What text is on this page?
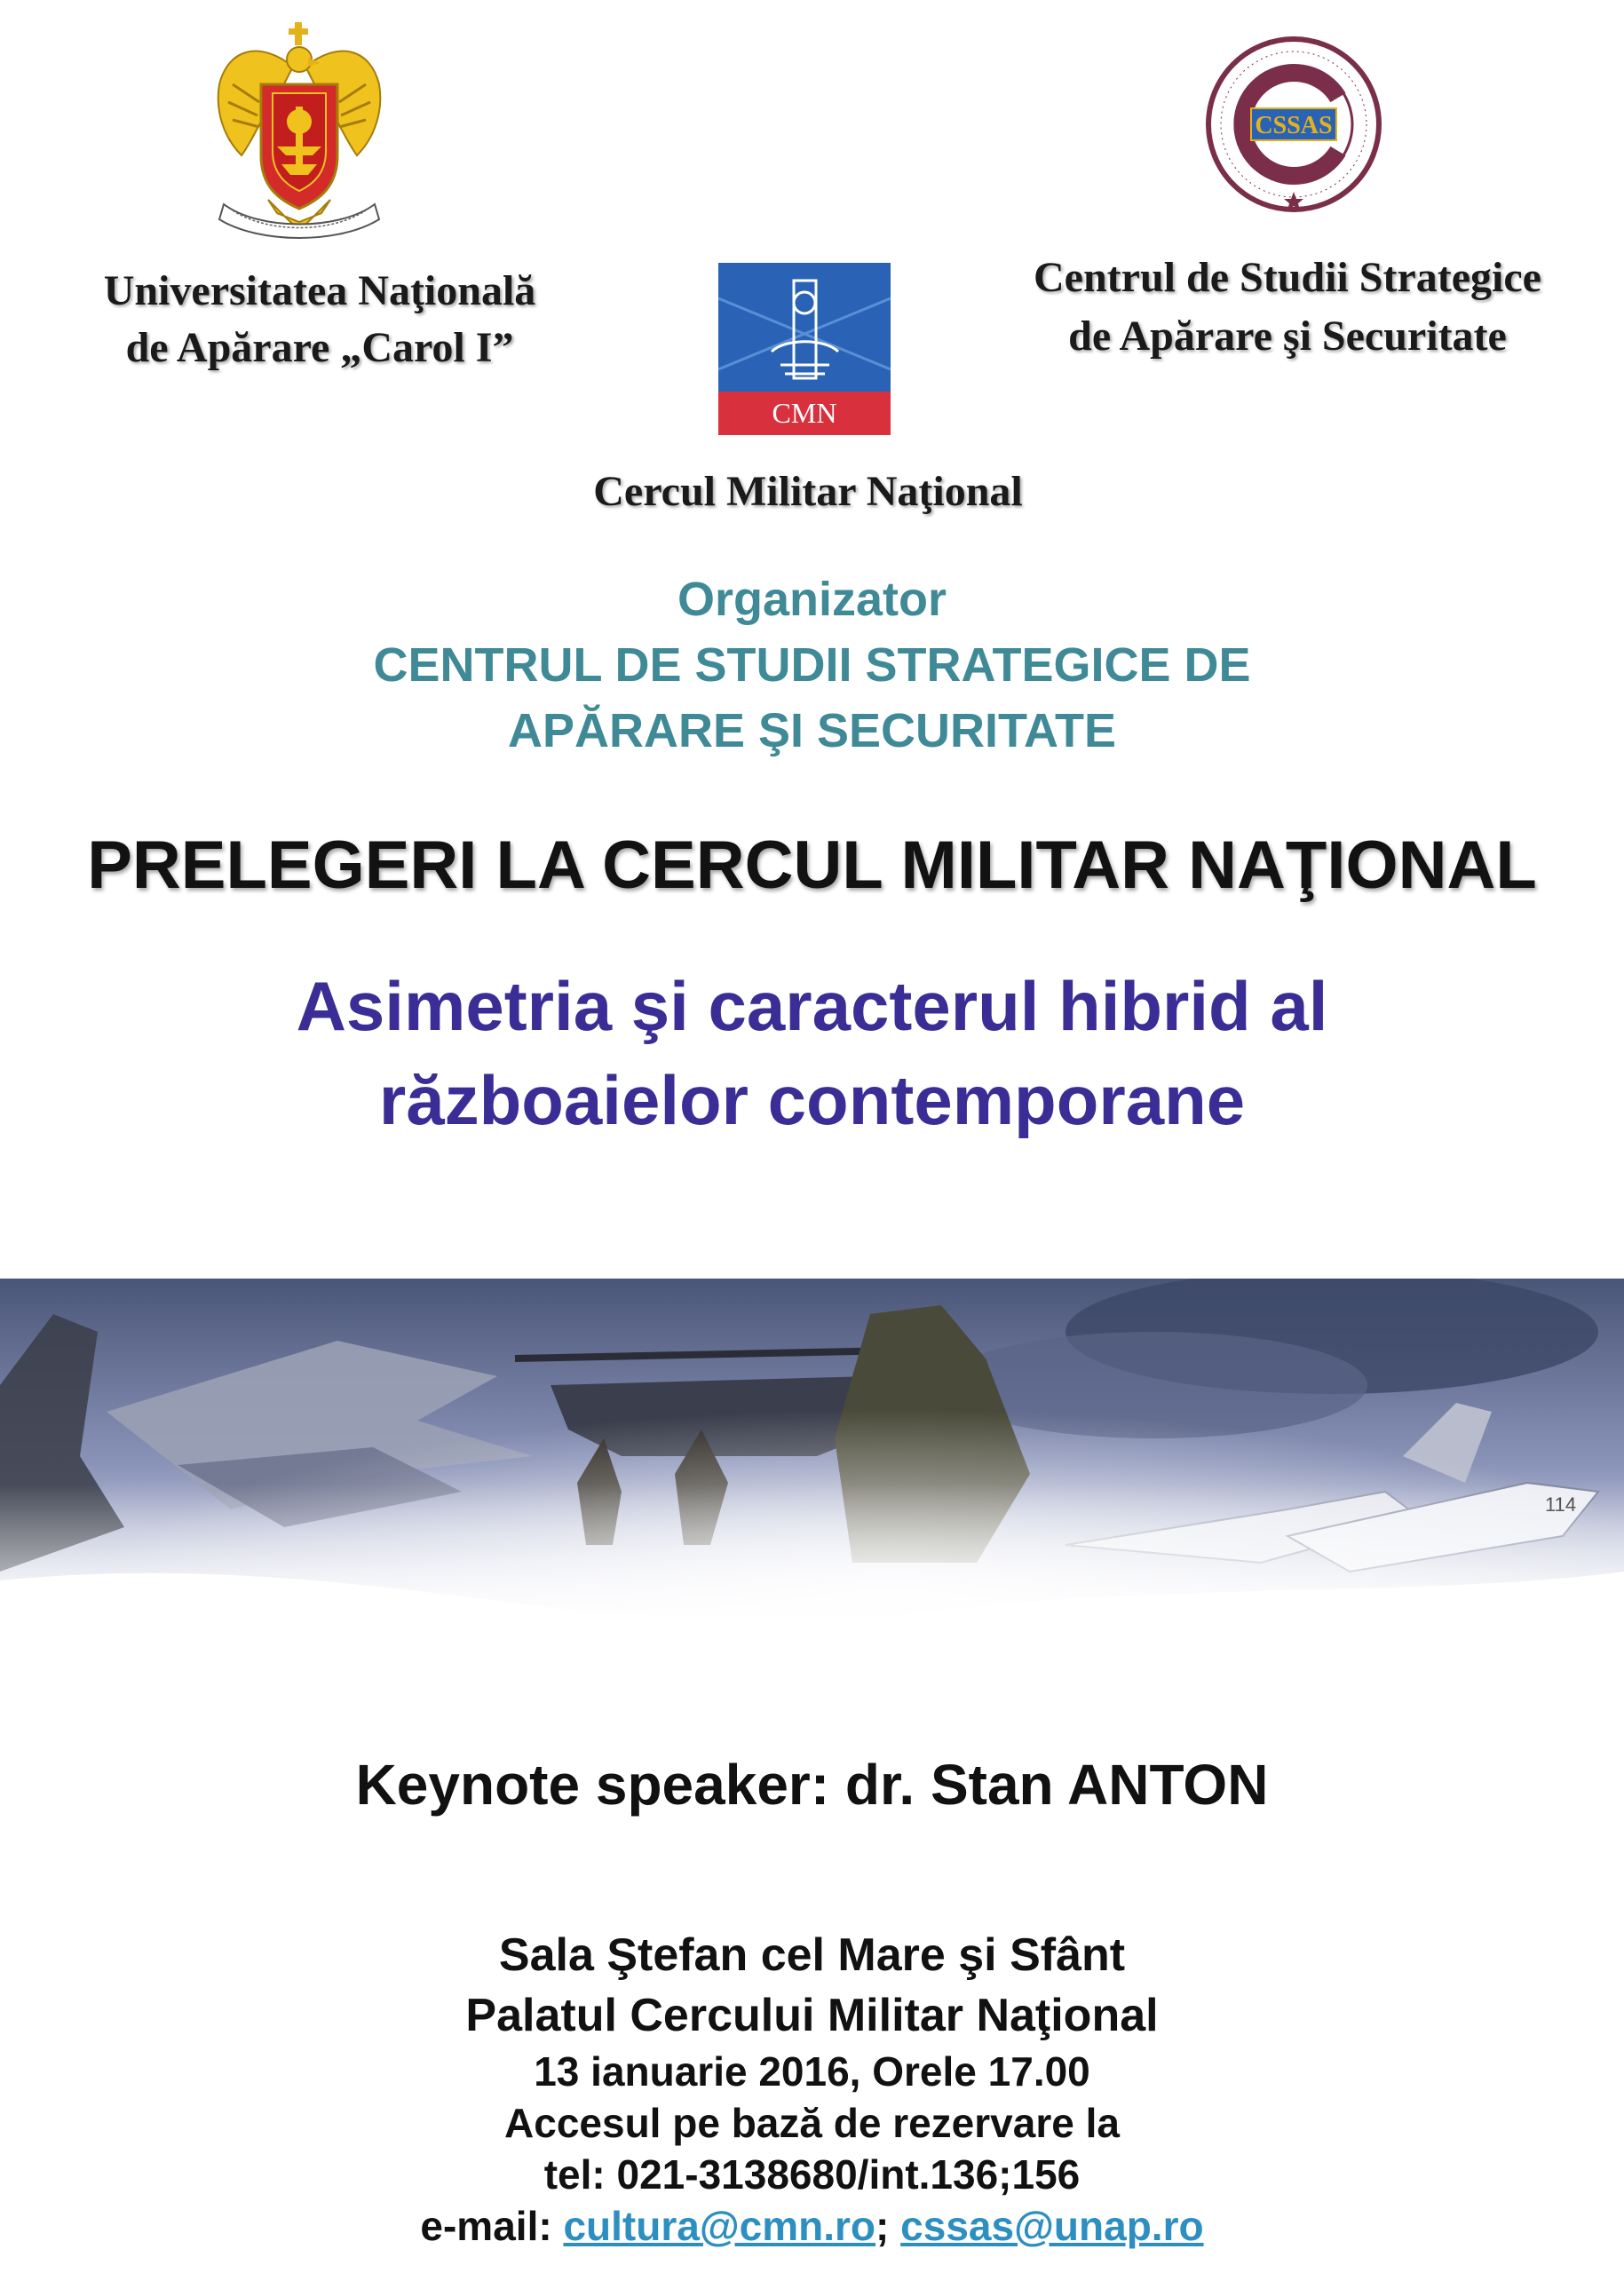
CSSAS
CMN
Universitatea Naţională
de Apărare „Carol I”
Centrul de Studii Strategice
de Apărare şi Securitate
Cercul Militar Naţional
Organizator
CENTRUL DE STUDII STRATEGICE DE
APĂRARE ŞI SECURITATE
PRELEGERI LA CERCUL MILITAR NAŢIONAL
Asimetria şi caracterul hibrid al
războaielor contemporane
Keynote speaker: dr. Stan ANTON
Sala Ştefan cel Mare şi Sfânt
Palatul Cercului Militar Naţional
13 ianuarie 2016, Orele 17.00
Accesul pe bază de rezervare la
tel: 021-3138680/int.136;156
e-mail: cultura@cmn.ro; cssas@unap.ro
